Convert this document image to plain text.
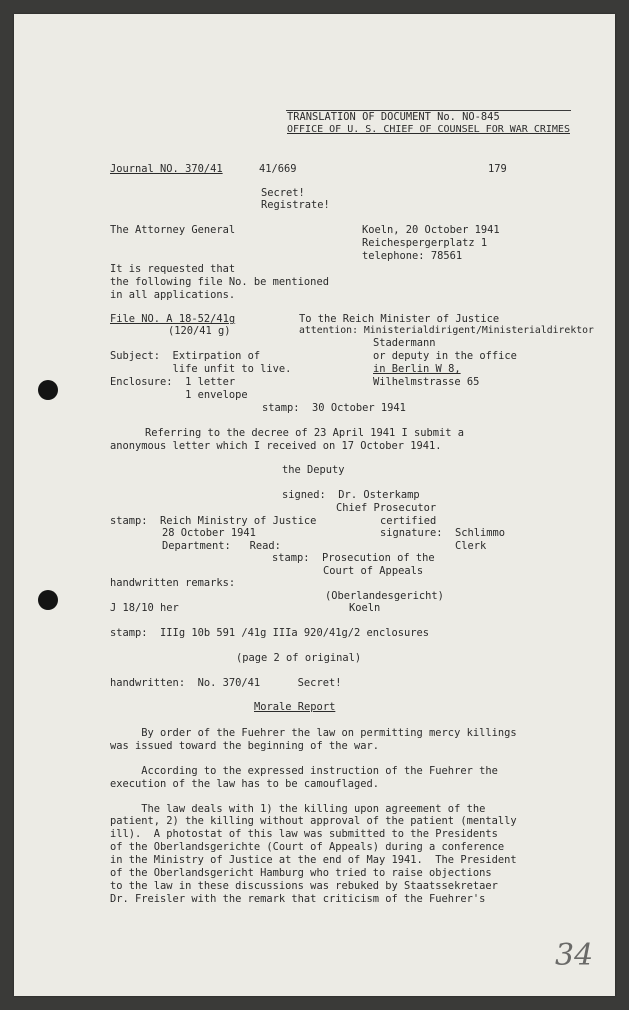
TRANSLATION OF DOCUMENT No. NO-845
OFFICE OF U. S. CHIEF OF COUNSEL FOR WAR CRIMES
Journal NO. 370/41	41/669	179
Secret!
Registrate!
The Attorney General	Koeln, 20 October 1941
Reichespergerplatz 1
telephone: 78561
It is requested that
the following file No. be mentioned
in all applications.
File NO. A 18-52/41g
(120/41 g)
To the Reich Minister of Justice
attention: Ministerialdirigent/Ministerialdirektor
Stadermann
or deputy in the office
in Berlin W 8,
Wilhelmstrasse 65
Subject:  Extirpation of
life unfit to live.
Enclosure:  1 letter
1 envelope
stamp:  30 October 1941
Referring to the decree of 23 April 1941 I submit a
anonymous letter which I received on 17 October 1941.
the Deputy
signed:  Dr. Osterkamp
Chief Prosecutor
certified
signature: Schlimmo
Clerk
stamp:  Reich Ministry of Justice
28 October 1941
Department:   Read:
stamp:  Prosecution of the
Court of Appeals
handwritten remarks:
(Oberlandesgericht)
Koeln
J 18/10 her
stamp:  IIIg 10b 591 /41g IIIa 920/41g/2 enclosures
(page 2 of original)
handwritten:  No. 370/41      Secret!
Morale Report
By order of the Fuehrer the law on permitting mercy killings
was issued toward the beginning of the war.
According to the expressed instruction of the Fuehrer the
execution of the law has to be camouflaged.
The law deals with 1) the killing upon agreement of the
patient, 2) the killing without approval of the patient (mentally
ill).  A photostat of this law was submitted to the Presidents
of the Oberlandsgerichte (Court of Appeals) during a conference
in the Ministry of Justice at the end of May 1941.  The President
of the Oberlandsgericht Hamburg who tried to raise objections
to the law in these discussions was rebuked by Staatssekretaer
Dr. Freisler with the remark that criticism of the Fuehrer's
34
